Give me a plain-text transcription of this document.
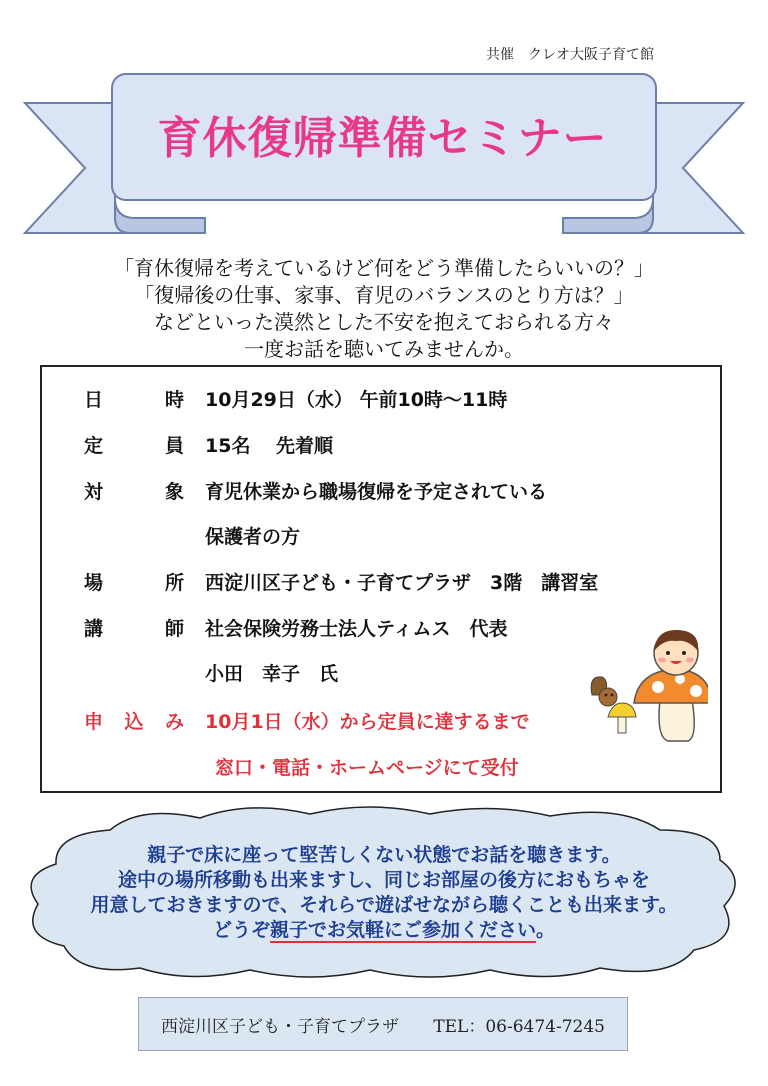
共催　クレオ大阪子育て館
育休復帰準備セミナー
「育休復帰を考えているけど何をどう準備したらいいの？」
「復帰後の仕事、家事、育児のバランスのとり方は？」
などといった漠然とした不安を抱えておられる方々
一度お話を聴いてみませんか。
日	時 10月29日（水） 午前10時～11時
定	員 15名　 先着順
対	象 育児休業から職場復帰を予定されている
保護者の方
場	所 西淀川区子ども・子育てプラザ　3階　講習室
講	師 社会保険労務士法人ティムス　代表
小田　幸子　氏
申 込 み 10月1日（水）から定員に達するまで
窓口・電話・ホームページにて受付
親子で床に座って堅苦しくない状態でお話を聴きます。
途中の場所移動も出来ますし、同じお部屋の後方におもちゃを
用意しておきますので、それらで遊ばせながら聴くことも出来ます。
どうぞ親子でお気軽にご参加ください。
西淀川区子ども・子育てプラザ TEL：06-6474-7245
